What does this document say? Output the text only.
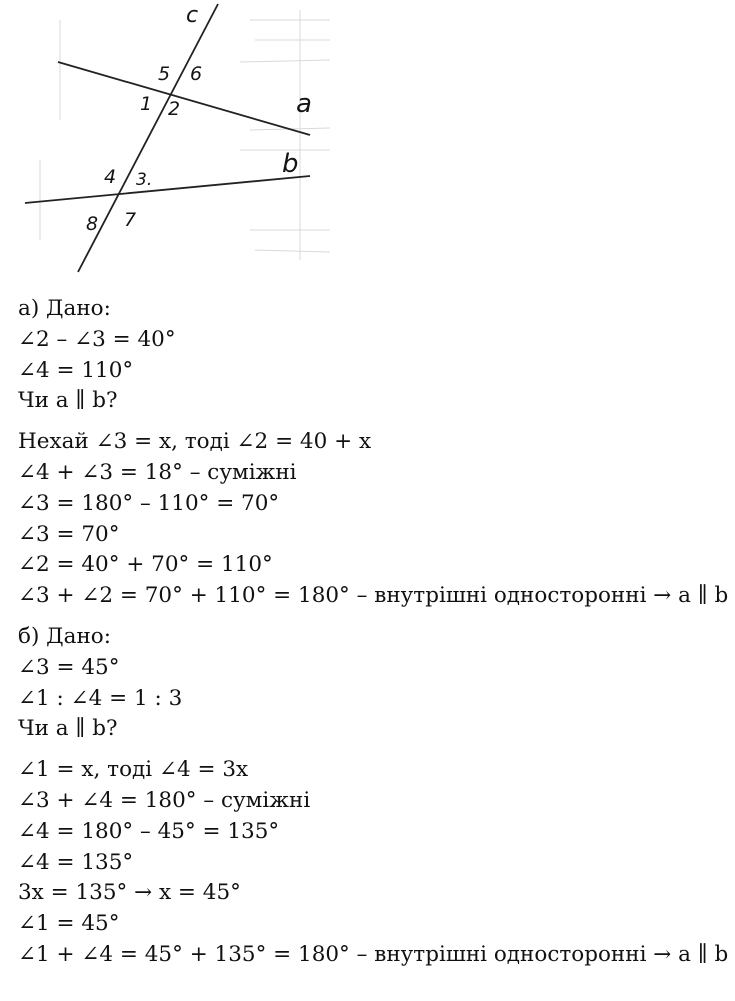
c
a
b
1 2
3.
4
5 6
7
8
а) Дано:
∠2 – ∠3 = 40°
∠4 = 110°
Чи a ∥ b?
Нехай ∠3 = x, тоді ∠2 = 40 + x
∠4 + ∠3 = 18° – суміжні
∠3 = 180° – 110° = 70°
∠3 = 70°
∠2 = 40° + 70° = 110°
∠3 + ∠2 = 70° + 110° = 180° – внутрішні односторонні → a ∥ b
б) Дано:
∠3 = 45°
∠1 : ∠4 = 1 : 3
Чи a ∥ b?
∠1 = x, тоді ∠4 = 3x
∠3 + ∠4 = 180° – суміжні
∠4 = 180° – 45° = 135°
∠4 = 135°
3x = 135° → x = 45°
∠1 = 45°
∠1 + ∠4 = 45° + 135° = 180° – внутрішні односторонні → a ∥ b
